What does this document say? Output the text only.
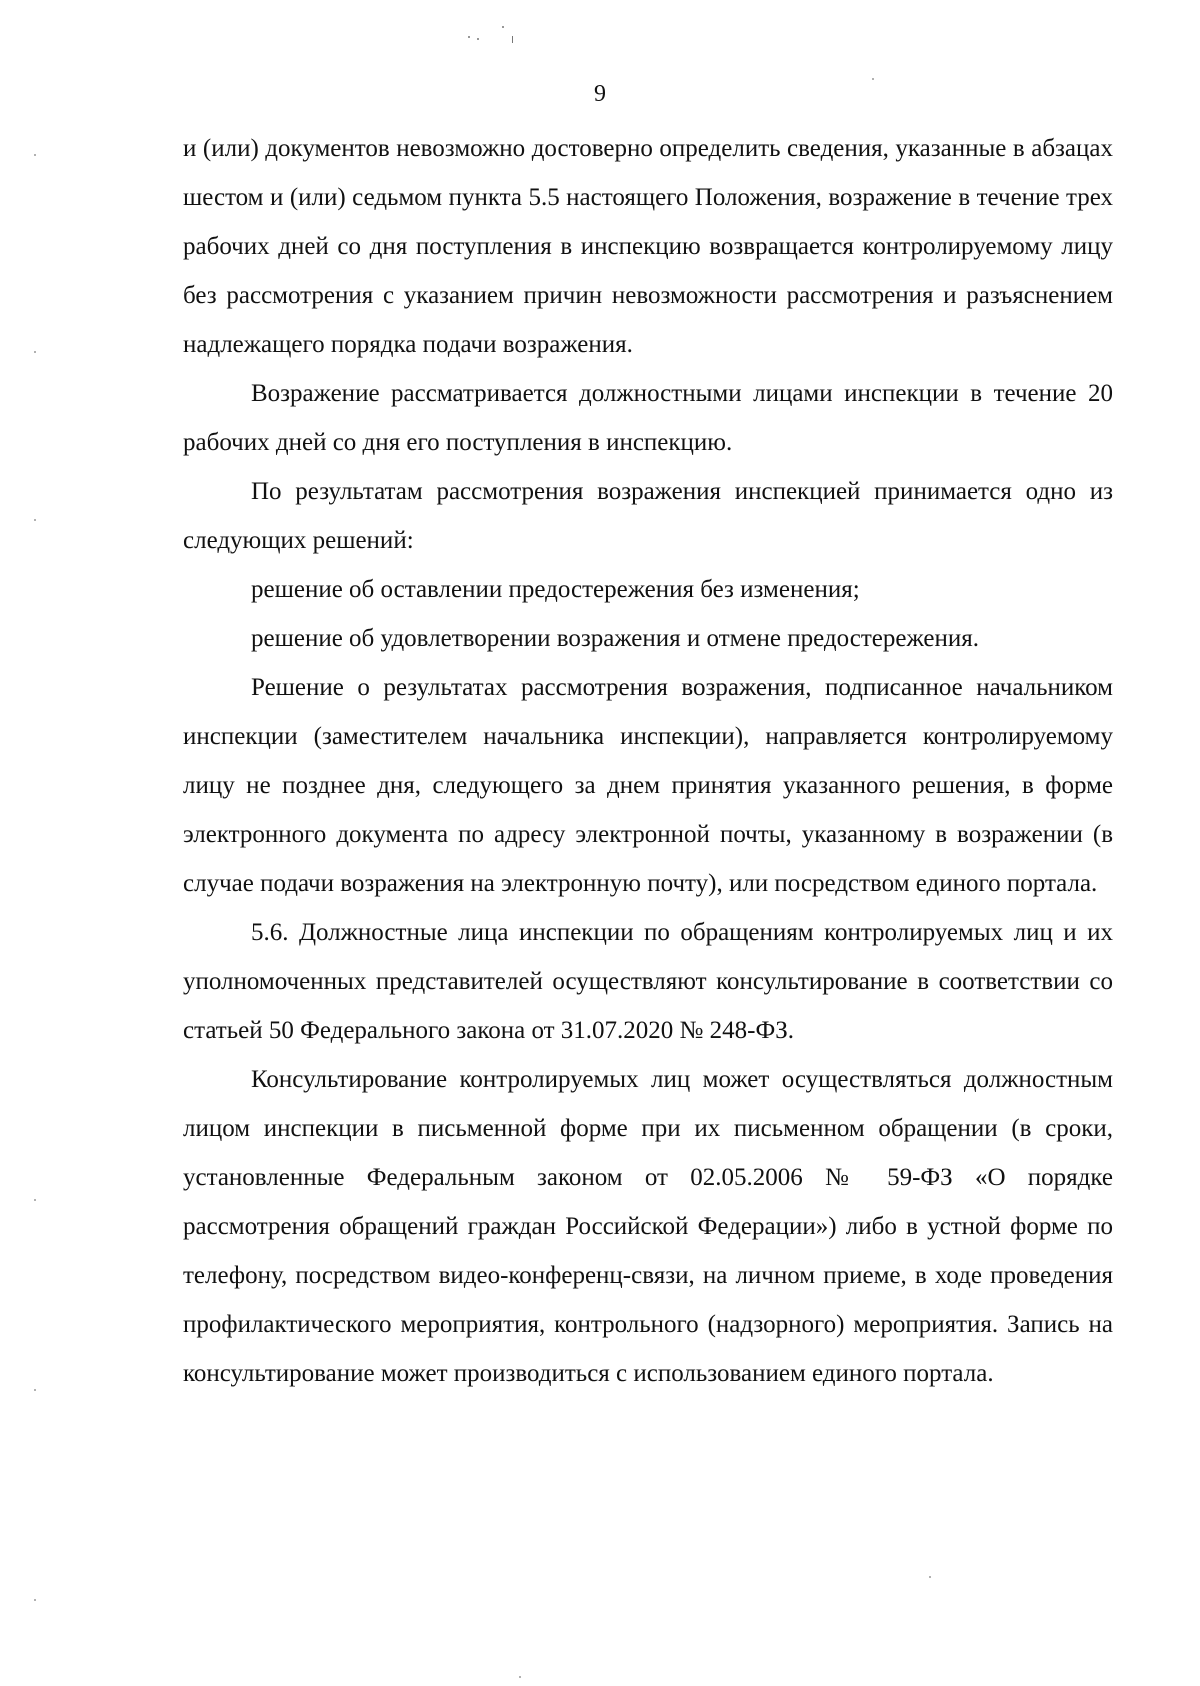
9

и (или) документов невозможно достоверно определить сведения, указанные в абзацах шестом и (или) седьмом пункта 5.5 настоящего Положения, возражение в течение трех рабочих дней со дня поступления в инспекцию возвращается контролируемому лицу без рассмотрения с указанием причин невозможности рассмотрения и разъяснением надлежащего порядка подачи возражения.

Возражение рассматривается должностными лицами инспекции в течение 20 рабочих дней со дня его поступления в инспекцию.

По результатам рассмотрения возражения инспекцией принимается одно из следующих решений:

решение об оставлении предостережения без изменения;

решение об удовлетворении возражения и отмене предостережения.

Решение о результатах рассмотрения возражения, подписанное начальником инспекции (заместителем начальника инспекции), направляется контролируемому лицу не позднее дня, следующего за днем принятия указанного решения, в форме электронного документа по адресу электронной почты, указанному в возражении (в случае подачи возражения на электронную почту), или посредством единого портала.

5.6. Должностные лица инспекции по обращениям контролируемых лиц и их уполномоченных представителей осуществляют консультирование в соответствии со статьей 50 Федерального закона от 31.07.2020 № 248-ФЗ.

Консультирование контролируемых лиц может осуществляться должностным лицом инспекции в письменной форме при их письменном обращении (в сроки, установленные Федеральным законом от 02.05.2006 № 59-ФЗ «О порядке рассмотрения обращений граждан Российской Федерации») либо в устной форме по телефону, посредством видео-конференц-связи, на личном приеме, в ходе проведения профилактического мероприятия, контрольного (надзорного) мероприятия. Запись на консультирование может производиться с использованием единого портала.
